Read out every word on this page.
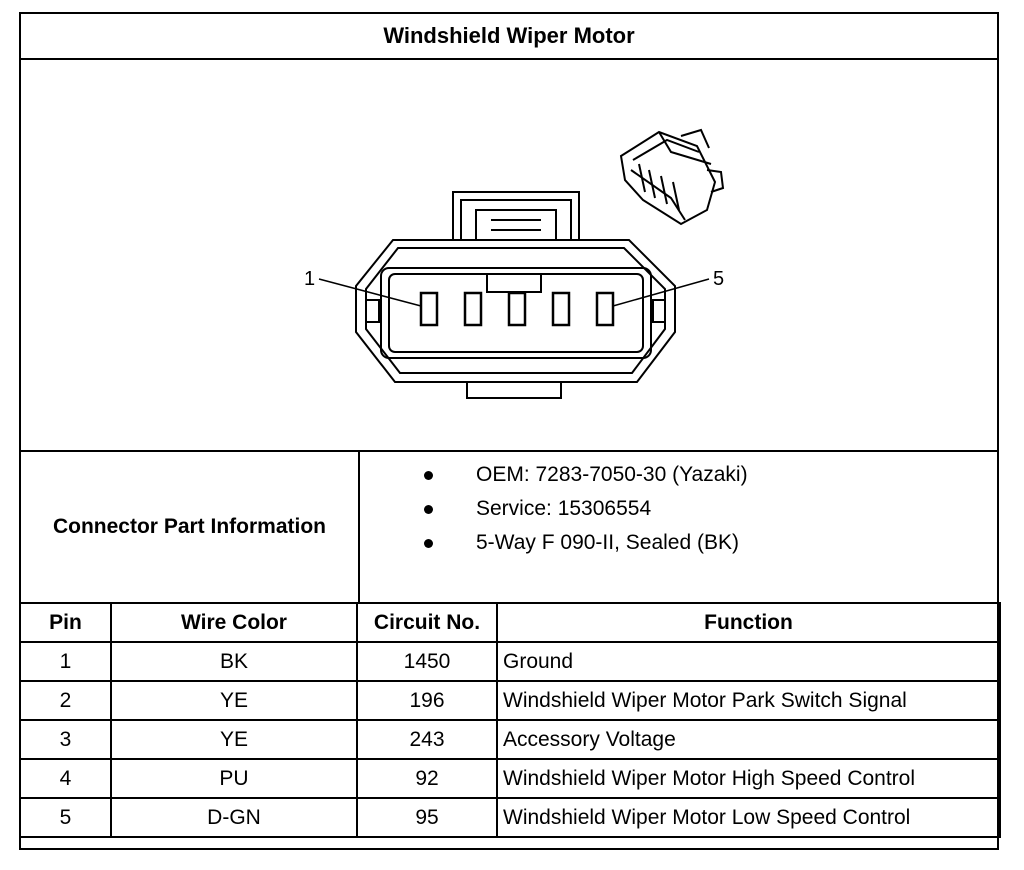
Windshield Wiper Motor
1	5
Connector Part Information
OEM: 7283-7050-30 (Yazaki)
Service: 15306554
5-Way F 090-II, Sealed (BK)
Pin	Wire Color	Circuit No.	Function
1	BK	1450	Ground
2	YE	196	Windshield Wiper Motor Park Switch Signal
3	YE	243	Accessory Voltage
4	PU	92	Windshield Wiper Motor High Speed Control
5	D-GN	95	Windshield Wiper Motor Low Speed Control
